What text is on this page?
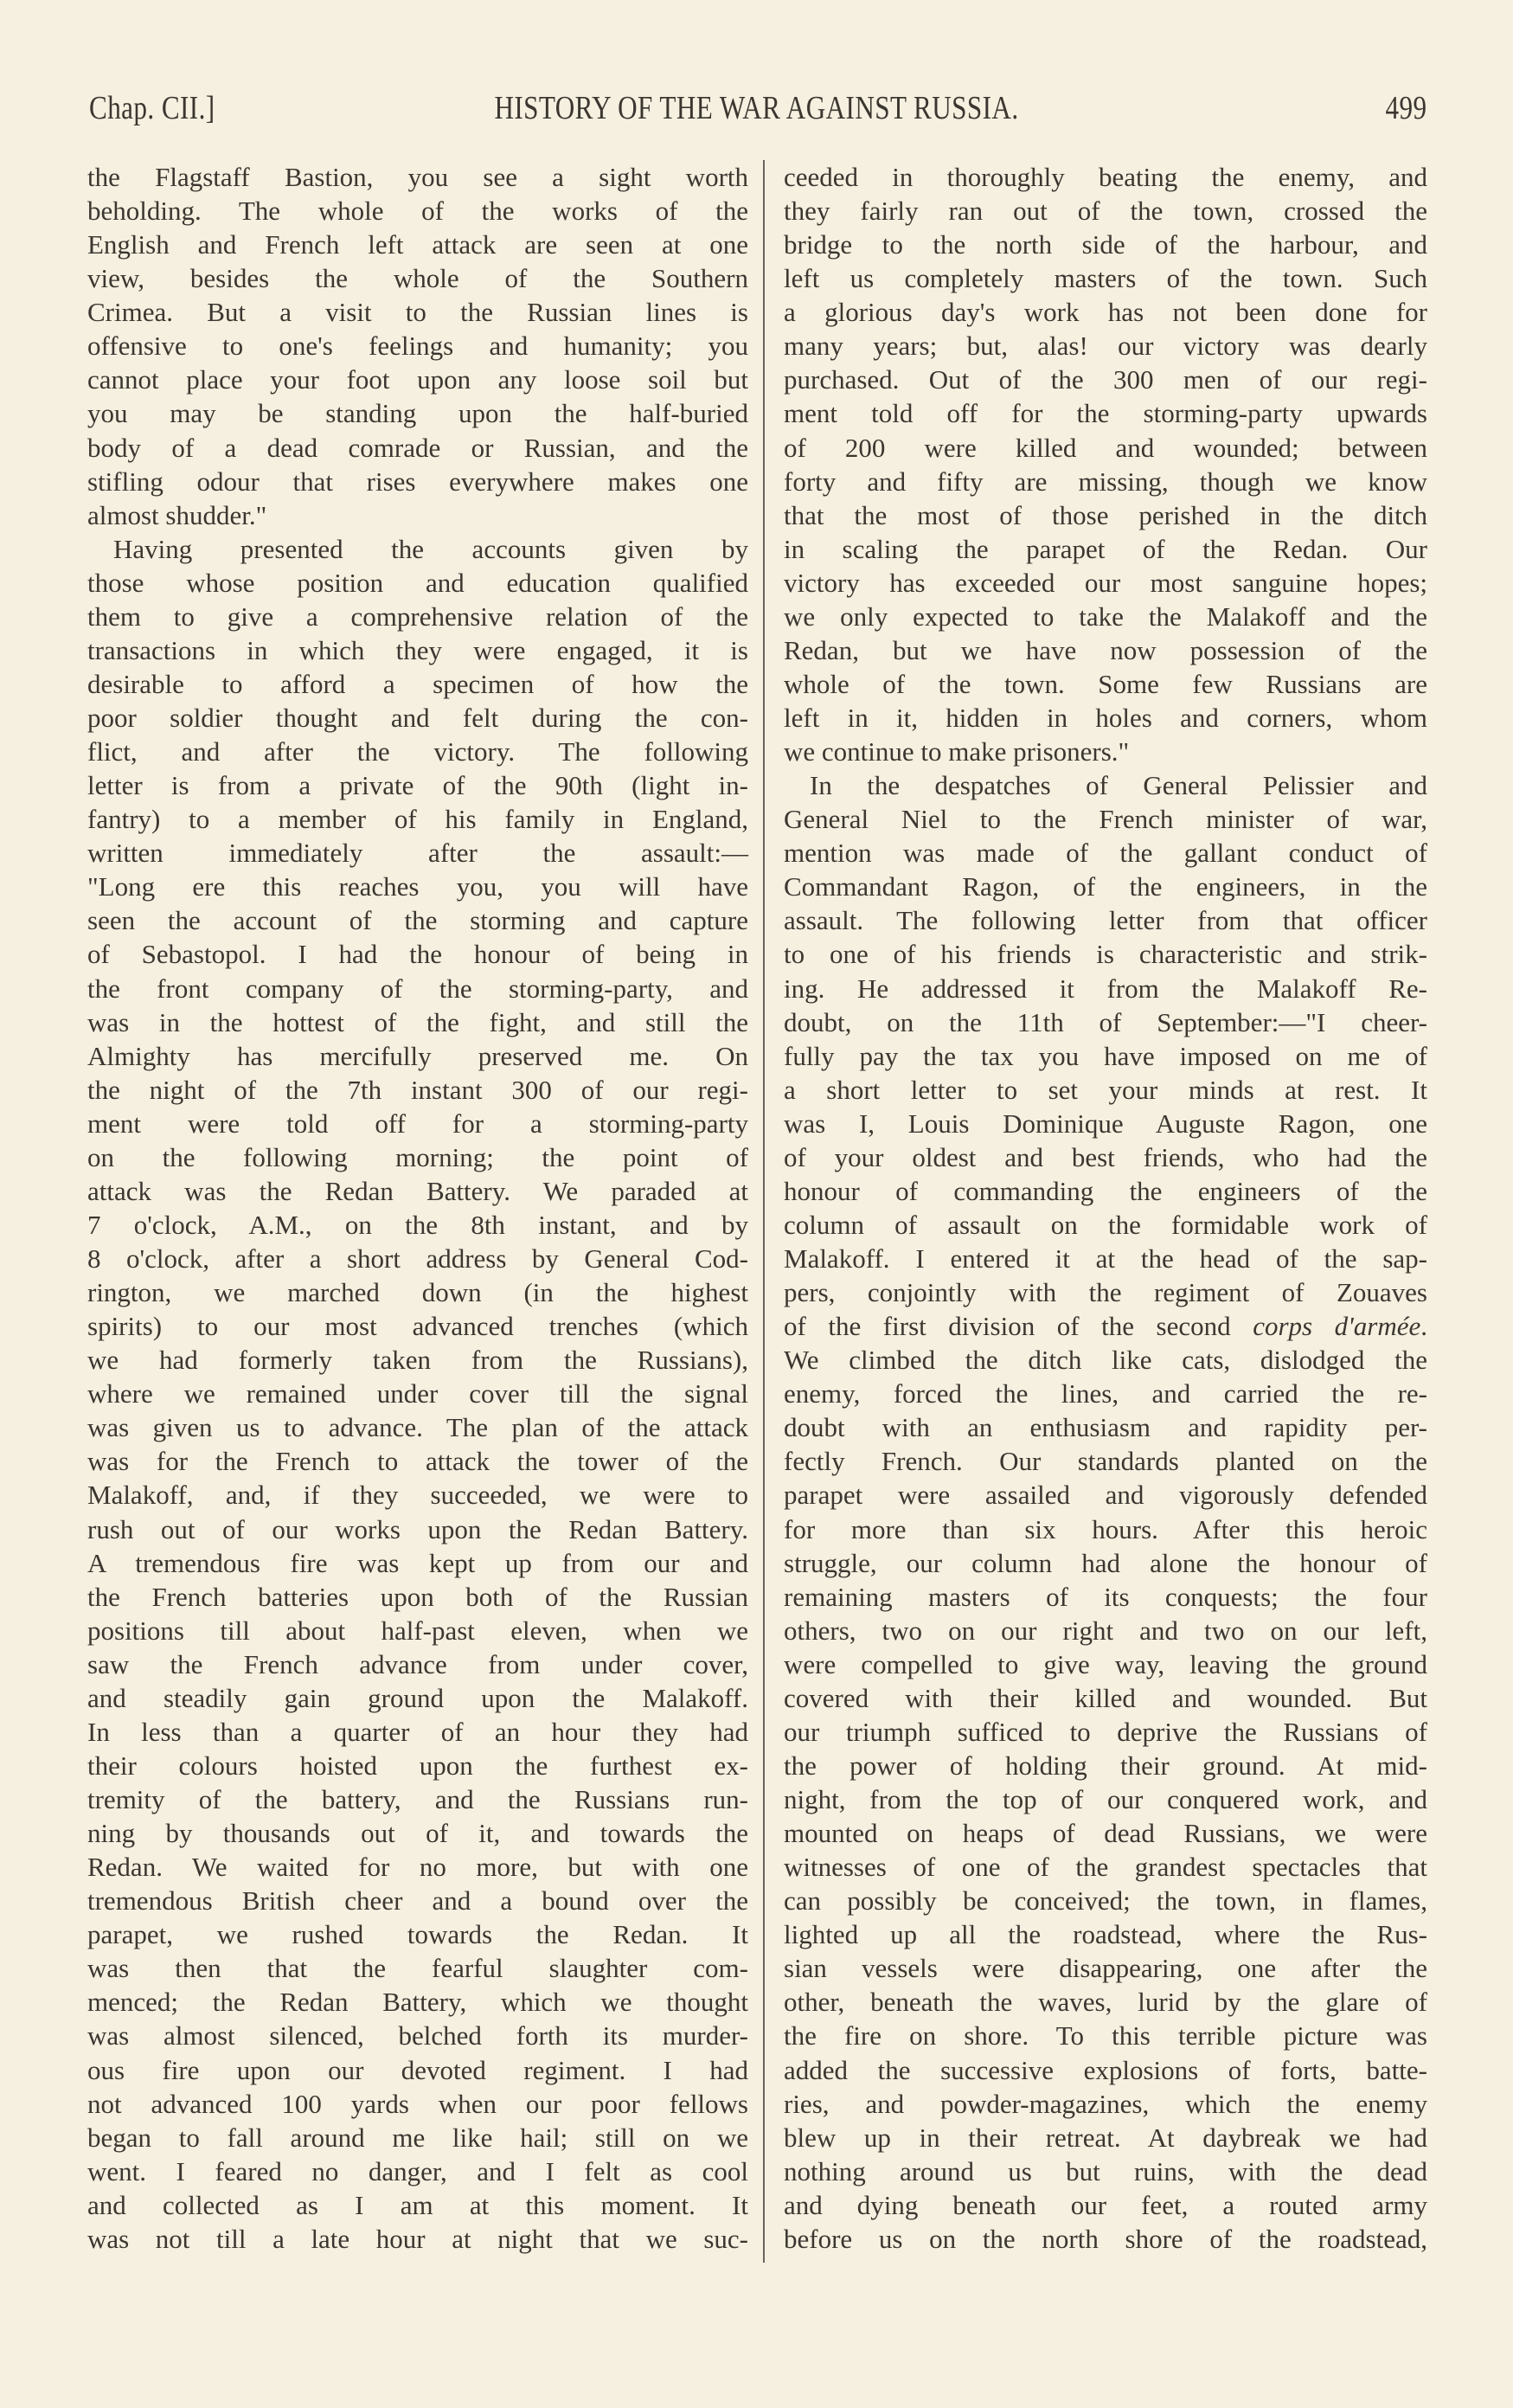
Chap. CII.]	HISTORY OF THE WAR AGAINST RUSSIA.	499
the Flagstaff Bastion, you see a sight worth
beholding. The whole of the works of the
English and French left attack are seen at one
view, besides the whole of the Southern
Crimea. But a visit to the Russian lines is
offensive to one's feelings and humanity; you
cannot place your foot upon any loose soil but
you may be standing upon the half-buried
body of a dead comrade or Russian, and the
stifling odour that rises everywhere makes one
almost shudder."
Having presented the accounts given by
those whose position and education qualified
them to give a comprehensive relation of the
transactions in which they were engaged, it is
desirable to afford a specimen of how the
poor soldier thought and felt during the con-
flict, and after the victory. The following
letter is from a private of the 90th (light in-
fantry) to a member of his family in England,
written immediately after the assault:—
"Long ere this reaches you, you will have
seen the account of the storming and capture
of Sebastopol. I had the honour of being in
the front company of the storming-party, and
was in the hottest of the fight, and still the
Almighty has mercifully preserved me. On
the night of the 7th instant 300 of our regi-
ment were told off for a storming-party
on the following morning; the point of
attack was the Redan Battery. We paraded at
7 o'clock, A.M., on the 8th instant, and by
8 o'clock, after a short address by General Cod-
rington, we marched down (in the highest
spirits) to our most advanced trenches (which
we had formerly taken from the Russians),
where we remained under cover till the signal
was given us to advance. The plan of the attack
was for the French to attack the tower of the
Malakoff, and, if they succeeded, we were to
rush out of our works upon the Redan Battery.
A tremendous fire was kept up from our and
the French batteries upon both of the Russian
positions till about half-past eleven, when we
saw the French advance from under cover,
and steadily gain ground upon the Malakoff.
In less than a quarter of an hour they had
their colours hoisted upon the furthest ex-
tremity of the battery, and the Russians run-
ning by thousands out of it, and towards the
Redan. We waited for no more, but with one
tremendous British cheer and a bound over the
parapet, we rushed towards the Redan. It
was then that the fearful slaughter com-
menced; the Redan Battery, which we thought
was almost silenced, belched forth its murder-
ous fire upon our devoted regiment. I had
not advanced 100 yards when our poor fellows
began to fall around me like hail; still on we
went. I feared no danger, and I felt as cool
and collected as I am at this moment. It
was not till a late hour at night that we suc-
ceeded in thoroughly beating the enemy, and
they fairly ran out of the town, crossed the
bridge to the north side of the harbour, and
left us completely masters of the town. Such
a glorious day's work has not been done for
many years; but, alas! our victory was dearly
purchased. Out of the 300 men of our regi-
ment told off for the storming-party upwards
of 200 were killed and wounded; between
forty and fifty are missing, though we know
that the most of those perished in the ditch
in scaling the parapet of the Redan. Our
victory has exceeded our most sanguine hopes;
we only expected to take the Malakoff and the
Redan, but we have now possession of the
whole of the town. Some few Russians are
left in it, hidden in holes and corners, whom
we continue to make prisoners."
In the despatches of General Pelissier and
General Niel to the French minister of war,
mention was made of the gallant conduct of
Commandant Ragon, of the engineers, in the
assault. The following letter from that officer
to one of his friends is characteristic and strik-
ing. He addressed it from the Malakoff Re-
doubt, on the 11th of September:—"I cheer-
fully pay the tax you have imposed on me of
a short letter to set your minds at rest. It
was I, Louis Dominique Auguste Ragon, one
of your oldest and best friends, who had the
honour of commanding the engineers of the
column of assault on the formidable work of
Malakoff. I entered it at the head of the sap-
pers, conjointly with the regiment of Zouaves
of the first division of the second corps d'armée.
We climbed the ditch like cats, dislodged the
enemy, forced the lines, and carried the re-
doubt with an enthusiasm and rapidity per-
fectly French. Our standards planted on the
parapet were assailed and vigorously defended
for more than six hours. After this heroic
struggle, our column had alone the honour of
remaining masters of its conquests; the four
others, two on our right and two on our left,
were compelled to give way, leaving the ground
covered with their killed and wounded. But
our triumph sufficed to deprive the Russians of
the power of holding their ground. At mid-
night, from the top of our conquered work, and
mounted on heaps of dead Russians, we were
witnesses of one of the grandest spectacles that
can possibly be conceived; the town, in flames,
lighted up all the roadstead, where the Rus-
sian vessels were disappearing, one after the
other, beneath the waves, lurid by the glare of
the fire on shore. To this terrible picture was
added the successive explosions of forts, batte-
ries, and powder-magazines, which the enemy
blew up in their retreat. At daybreak we had
nothing around us but ruins, with the dead
and dying beneath our feet, a routed army
before us on the north shore of the roadstead,
